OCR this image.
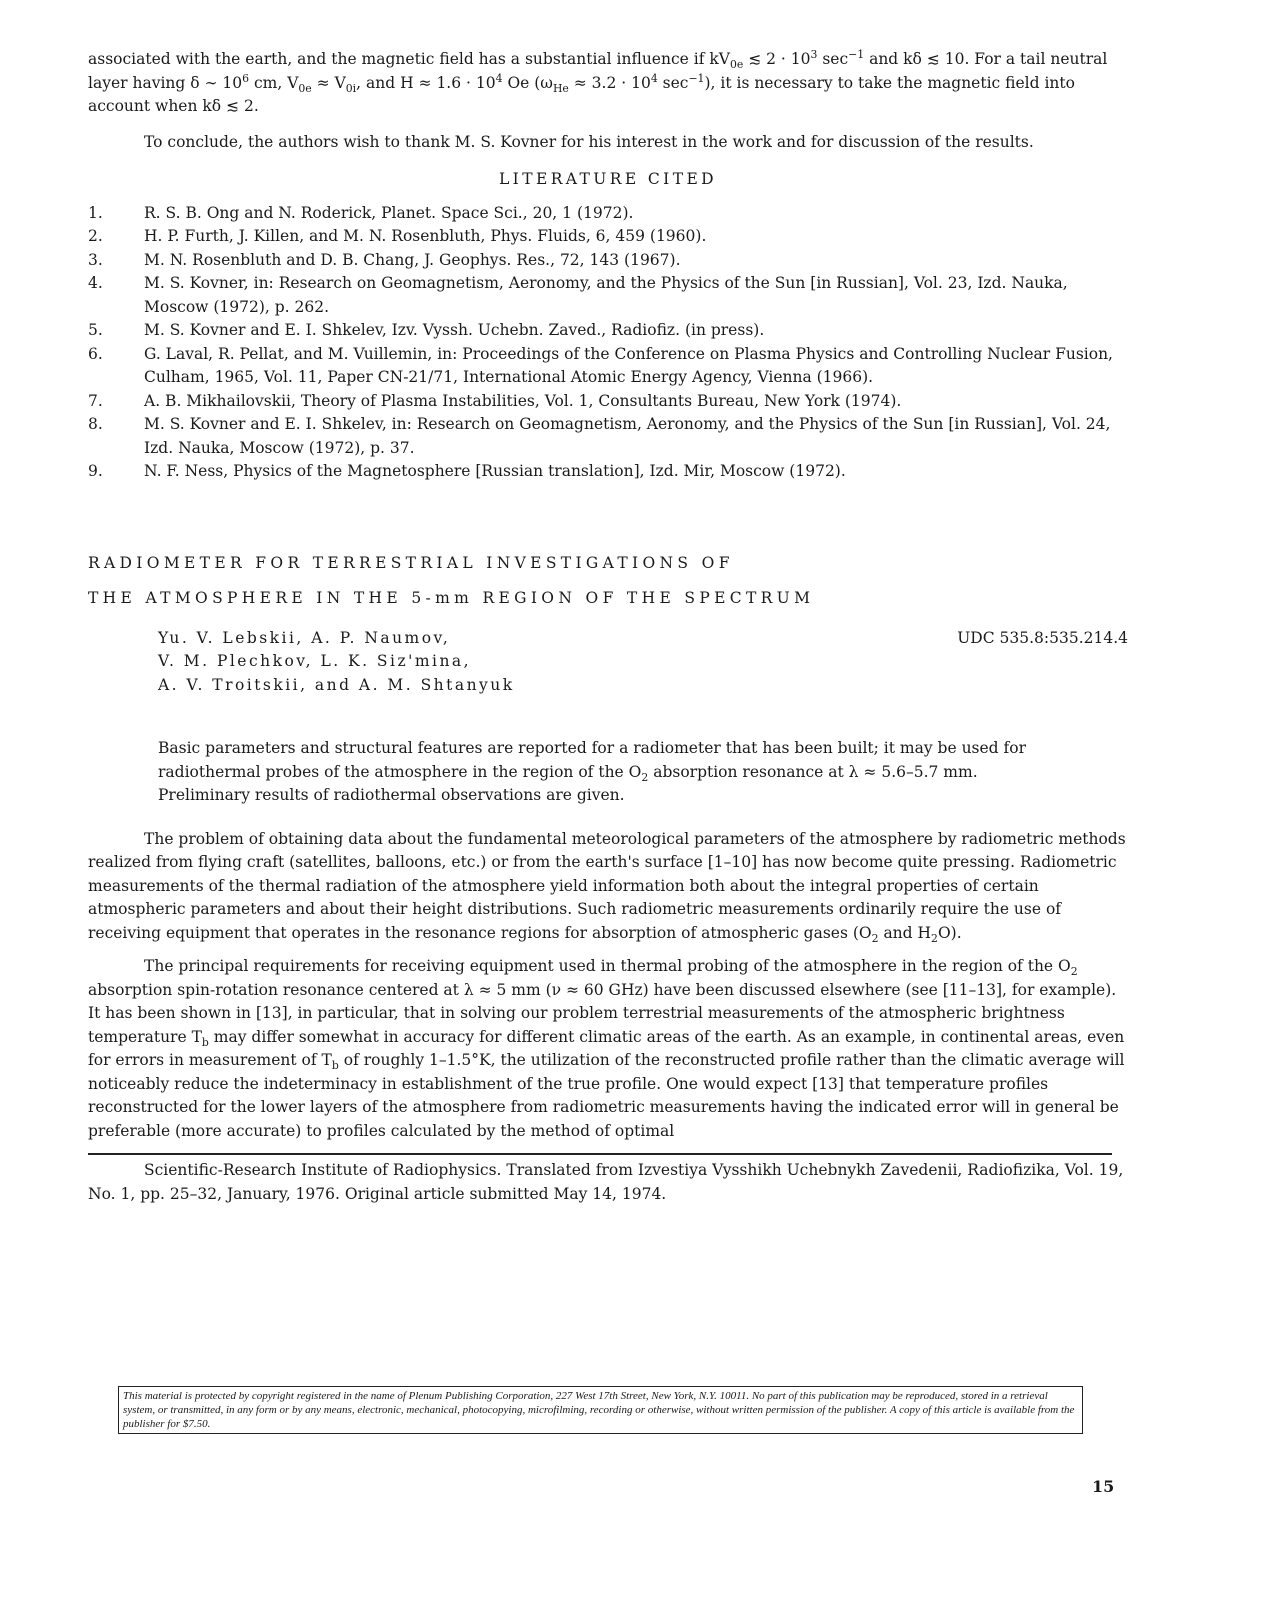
associated with the earth, and the magnetic field has a substantial influence if $kV_{0e}$ ≲ $2 \cdot 10^3$ $\sec^{-1}$ and kδ ≲ 10. For a tail neutral layer having δ ∼ $10^6$ cm, $V_{0e} \approx V_{0i}$, and $H \approx 1.6 \cdot 10^4$ Oe ($\omega_{He} \approx 3.2 \cdot 10^4$ $\sec^{-1}$), it is necessary to take the magnetic field into account when kδ ≲ 2.

To conclude, the authors wish to thank M. S. Kovner for his interest in the work and for discussion of the results.

LITERATURE CITED

1.	R. S. B. Ong and N. Roderick, Planet. Space Sci., 20, 1 (1972).
2.	H. P. Furth, J. Killen, and M. N. Rosenbluth, Phys. Fluids, 6, 459 (1960).
3.	M. N. Rosenbluth and D. B. Chang, J. Geophys. Res., 72, 143 (1967).
4.	M. S. Kovner, in: Research on Geomagnetism, Aeronomy, and the Physics of the Sun [in Russian], Vol. 23, Izd. Nauka, Moscow (1972), p. 262.
5.	M. S. Kovner and E. I. Shkelev, Izv. Vyssh. Uchebn. Zaved., Radiofiz. (in press).
6.	G. Laval, R. Pellat, and M. Vuillemin, in: Proceedings of the Conference on Plasma Physics and Controlling Nuclear Fusion, Culham, 1965, Vol. 11, Paper CN-21/71, International Atomic Energy Agency, Vienna (1966).
7.	A. B. Mikhailovskii, Theory of Plasma Instabilities, Vol. 1, Consultants Bureau, New York (1974).
8.	M. S. Kovner and E. I. Shkelev, in: Research on Geomagnetism, Aeronomy, and the Physics of the Sun [in Russian], Vol. 24, Izd. Nauka, Moscow (1972), p. 37.
9.	N. F. Ness, Physics of the Magnetosphere [Russian translation], Izd. Mir, Moscow (1972).

RADIOMETER FOR TERRESTRIAL INVESTIGATIONS OF

THE ATMOSPHERE IN THE 5-mm REGION OF THE SPECTRUM

Yu. V. Lebskii, A. P. Naumov,
V. M. Plechkov, L. K. Siz'mina,
A. V. Troitskii, and A. M. Shtanyuk
UDC 535.8:535.214.4

Basic parameters and structural features are reported for a radiometer that has been built; it may be used for radiothermal probes of the atmosphere in the region of the $O_2$ absorption resonance at λ ≈ 5.6–5.7 mm. Preliminary results of radiothermal observations are given.

The problem of obtaining data about the fundamental meteorological parameters of the atmosphere by radiometric methods realized from flying craft (satellites, balloons, etc.) or from the earth's surface [1–10] has now become quite pressing. Radiometric measurements of the thermal radiation of the atmosphere yield information both about the integral properties of certain atmospheric parameters and about their height distributions. Such radiometric measurements ordinarily require the use of receiving equipment that operates in the resonance regions for absorption of atmospheric gases ($O_2$ and $H_2O$).

The principal requirements for receiving equipment used in thermal probing of the atmosphere in the region of the $O_2$ absorption spin-rotation resonance centered at λ ≈ 5 mm (ν ≈ 60 GHz) have been discussed elsewhere (see [11–13], for example). It has been shown in [13], in particular, that in solving our problem terrestrial measurements of the atmospheric brightness temperature $T_b$ may differ somewhat in accuracy for different climatic areas of the earth. As an example, in continental areas, even for errors in measurement of $T_b$ of roughly 1–1.5°K, the utilization of the reconstructed profile rather than the climatic average will noticeably reduce the indeterminacy in establishment of the true profile. One would expect [13] that temperature profiles reconstructed for the lower layers of the atmosphere from radiometric measurements having the indicated error will in general be preferable (more accurate) to profiles calculated by the method of optimal

Scientific-Research Institute of Radiophysics. Translated from Izvestiya Vysshikh Uchebnykh Zavedenii, Radiofizika, Vol. 19, No. 1, pp. 25–32, January, 1976. Original article submitted May 14, 1974.

This material is protected by copyright registered in the name of Plenum Publishing Corporation, 227 West 17th Street, New York, N.Y. 10011. No part of this publication may be reproduced, stored in a retrieval system, or transmitted, in any form or by any means, electronic, mechanical, photocopying, microfilming, recording or otherwise, without written permission of the publisher. A copy of this article is available from the publisher for $7.50.
15
